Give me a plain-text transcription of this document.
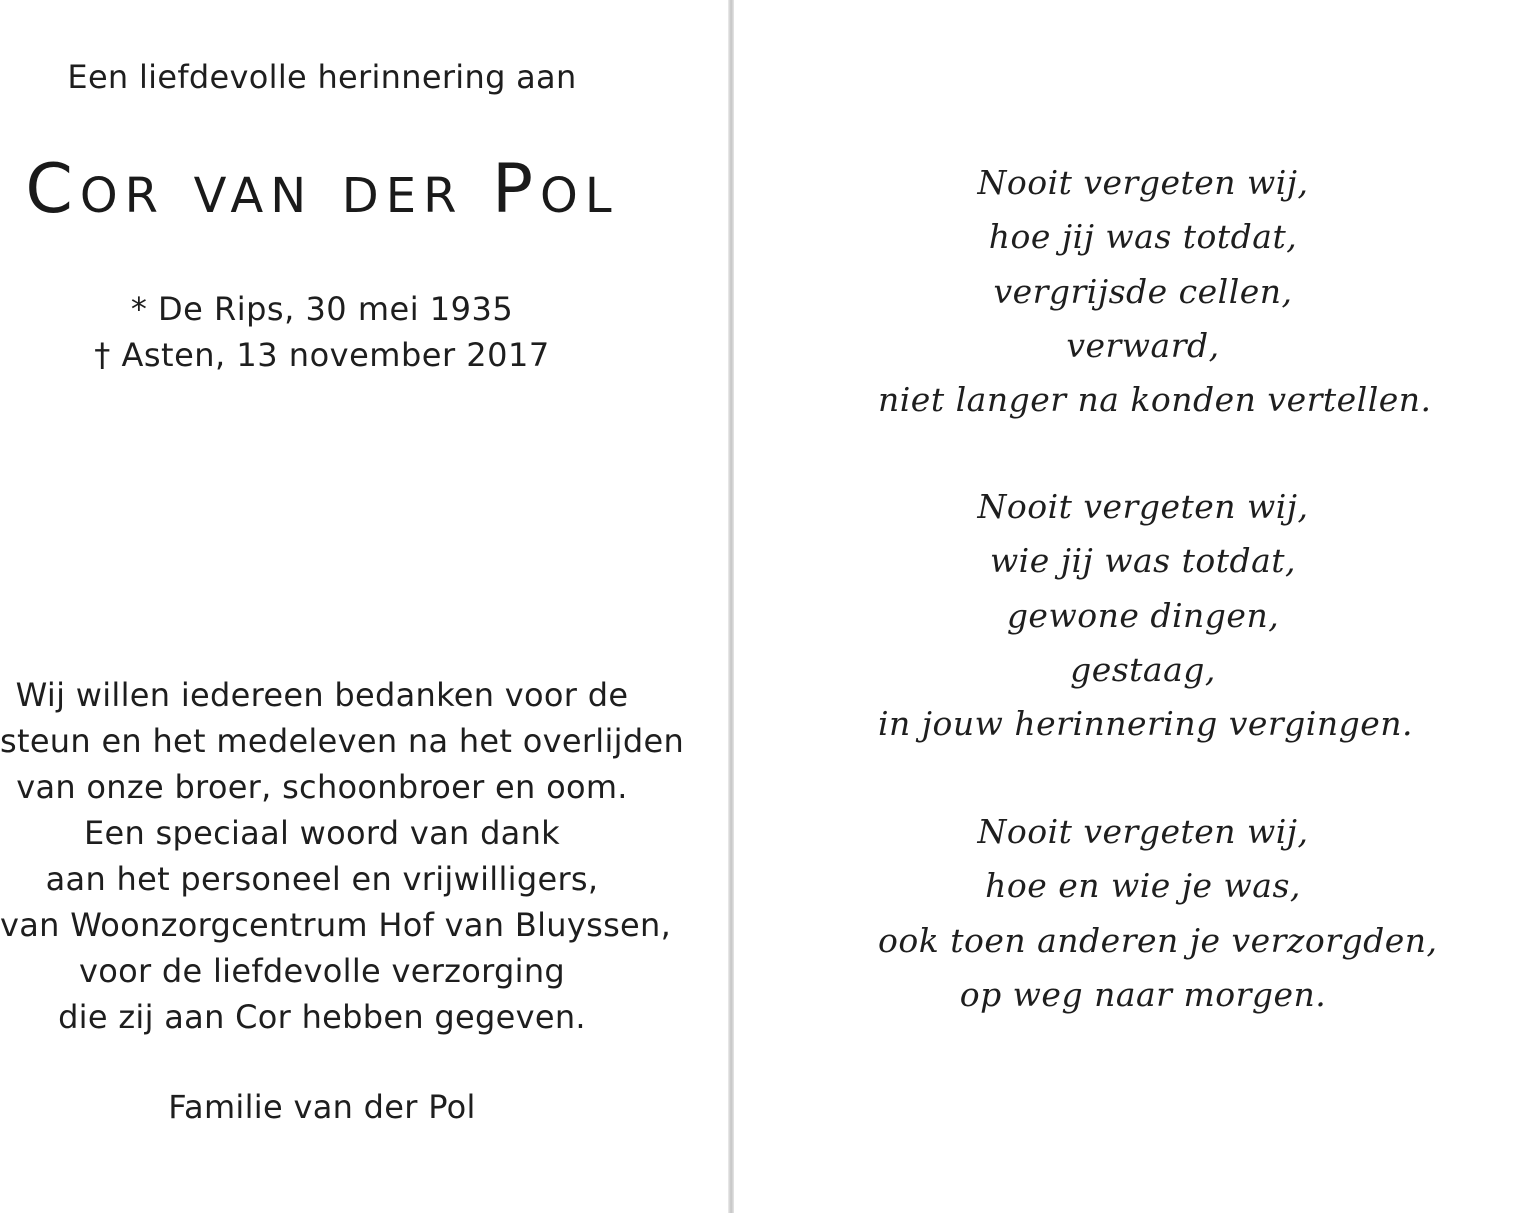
Een liefdevolle herinnering aan
Cor van der Pol
* De Rips, 30 mei 1935
† Asten, 13 november 2017
Wij willen iedereen bedanken voor de
steun en het medeleven na het overlijden
van onze broer, schoonbroer en oom.
Een speciaal woord van dank
aan het personeel en vrijwilligers,
van Woonzorgcentrum Hof van Bluyssen,
voor de liefdevolle verzorging
die zij aan Cor hebben gegeven.
Familie van der Pol
Nooit vergeten wij,
hoe jij was totdat,
vergrijsde cellen,
verward,
niet langer na konden vertellen.
Nooit vergeten wij,
wie jij was totdat,
gewone dingen,
gestaag,
in jouw herinnering vergingen.
Nooit vergeten wij,
hoe en wie je was,
ook toen anderen je verzorgden,
op weg naar morgen.
